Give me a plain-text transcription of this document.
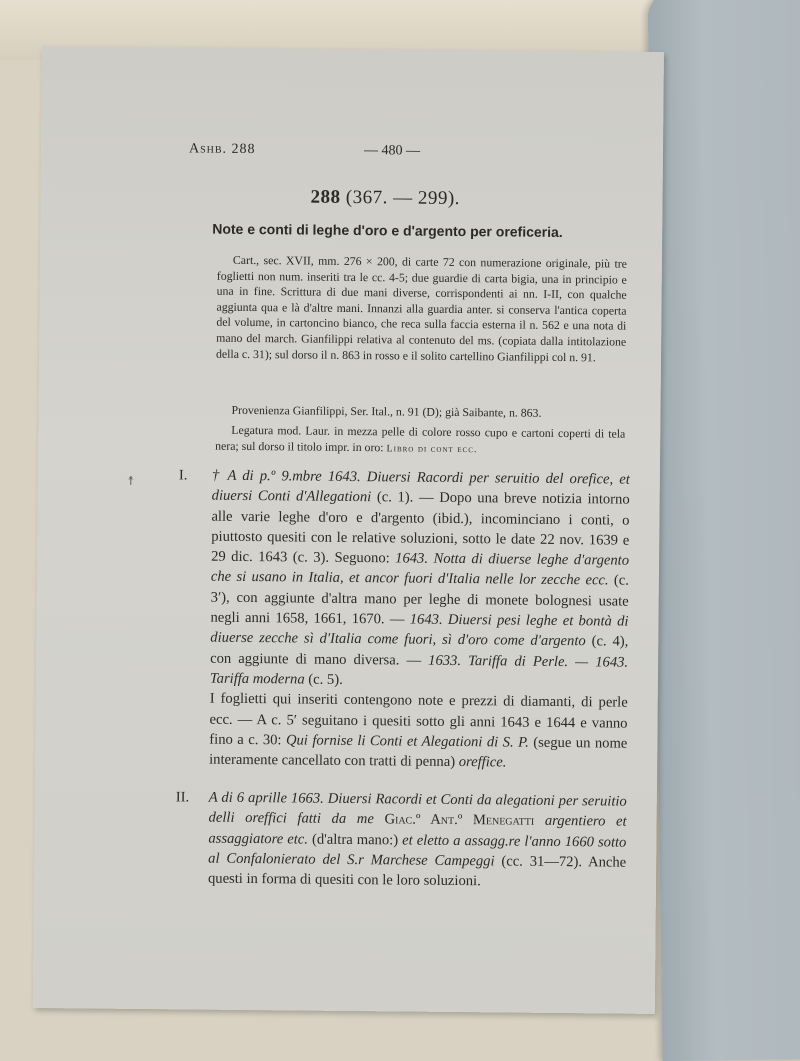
Ashb. 288	— 480 —
288 (367. — 299).
Note e conti di leghe d'oro e d'argento per oreficeria.

Cart., sec. XVII, mm. 276 × 200, di carte 72 con numerazione originale, più tre foglietti non num. inseriti tra le cc. 4-5; due guardie di carta bigia, una in principio e una in fine. Scrittura di due mani diverse, corrispondenti ai nn. I-II, con qualche aggiunta qua e là d'altre mani. Innanzi alla guardia anter. si conserva l'antica coperta del volume, in cartoncino bianco, che reca sulla faccia esterna il n. 562 e una nota di mano del march. Gianfilippi relativa al contenuto del ms. (copiata dalla intitolazione della c. 31); sul dorso il n. 863 in rosso e il solito cartellino Gianfilippi col n. 91.

Provenienza Gianfilippi, Ser. Ital., n. 91 (D); già Saibante, n. 863.

Legatura mod. Laur. in mezza pelle di colore rosso cupo e cartoni coperti di tela nera; sul dorso il titolo impr. in oro: Libro di cont ecc.

↟	I. † A di p.º 9.mbre 1643. Diuersi Racordi per seruitio del orefice, et diuersi Conti d'Allegationi (c. 1). — Dopo una breve notizia intorno alle varie leghe d'oro e d'argento (ibid.), incominciano i conti, o piuttosto quesiti con le relative soluzioni, sotto le date 22 nov. 1639 e 29 dic. 1643 (c. 3). Seguono: 1643. Notta di diuerse leghe d'argento che si usano in Italia, et ancor fuori d'Italia nelle lor zecche ecc. (c. 3′), con aggiunte d'altra mano per leghe di monete bolognesi usate negli anni 1658, 1661, 1670. — 1643. Diuersi pesi leghe et bontà di diuerse zecche sì d'Italia come fuori, sì d'oro come d'argento (c. 4), con aggiunte di mano diversa. — 1633. Tariffa di Perle. — 1643. Tariffa moderna (c. 5).
I foglietti qui inseriti contengono note e prezzi di diamanti, di perle ecc. — A c. 5′ seguitano i quesiti sotto gli anni 1643 e 1644 e vanno fino a c. 30: Qui fornise li Conti et Alegationi di S. P. (segue un nome interamente cancellato con tratti di penna) oreffice.
II. A di 6 aprille 1663. Diuersi Racordi et Conti da alegationi per seruitio delli oreffici fatti da me Giac.º Ant.º Menegatti argentiero et assaggiatore etc. (d'altra mano:) et eletto a assagg.re l'anno 1660 sotto al Confalonierato del S.r Marchese Campeggi (cc. 31—72). Anche questi in forma di quesiti con le loro soluzioni.
